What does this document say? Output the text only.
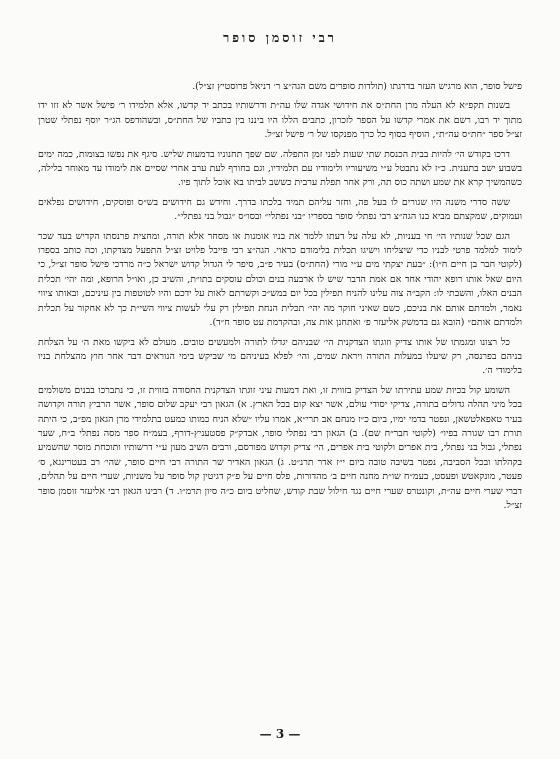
רבי זוסמן סופר

פישל סופר, הוא מרגיש העזר בדרגתו (תולדות סופרים משם הגה״צ ר׳ דניאל פרוסטיץ זצ״ל).

בשנות תקפ״א לא העלה מרן החת״ס את חידושי אגדה שלו עה״ת ודרשותיו בכתב יד קדשו, אלא תלמידו ר׳ פישל אשר לא זזו ידו מתוך יד רבו, רשם את אמרי קדשו על הספר לזכרון, כתבים הללו היו ביננו בין כתביו של החת״ס, ובשהודפס הג״ר יוסף נפתלי שטרן זצ״ל ספר ״חת״ס עה״ת״, הוסיף בסוף כל כרך מפנקסו של ר׳ פישל זצ״ל.

דרכו בקודש הי׳ להיות בבית הכנסת שתי שעות לפני זמן התפלה. שם שפך תחנוניו בדמעות שליש. סיגף את נפשו בצומות, כמה ימים בשבוע ישב בתענית. כ״ז לא נתבטל ע״י משיעוריו ולימודיו עם תלמידיו, וגם בחורף לעת ערב אחרי שסיים את לימודו עד מאוחר בלילה, כשהמשיך קרא את שמע ושתה כוס תה, ורק אחר תפלת ערבית כששב לביתו בא אוכל לתוך פיו.

ששה סדרי משנה היו שגורים לו בעל פה, וחזר עליהם תמיד בלכתו בדרך. וחידש גם חידושים בש״ס ופוסקים, חידושים נפלאים ועמוקים, שמקצתם מביא בנו הגה״צ רבי נפתלי סופר בספריו ״בני נפתלי״ ובסו״ס ״גבול בני נפתלי״.

הגם שכל שנותיו הי׳ חי בעניות, לא עלה על דעתו ללמד את בניו אומנות או מסחר אלא תורה, ומחצית פרנסתו הקדיש בעד שכר לימוד למלמד פרטי לבניו כדי שיצליחו וישיגו תכלית בלימודם כראוי. הגה״צ רבי פייבל פלויט זצ״ל התפעל מצדקתו, וכה כותב בספרו (לקוטי חבר בן חיים ח״ו): ״בעת יצקתי מים ע״י מורי (החת״ס) בעיר פ״ב, סיפר לי הגדול קדוש ישראל כ״ה מרדכי פישל סופר זצ״ל, כי היום שאל אותו רופא יהודי אחד אם אמת הדבר שיש לו ארבעה בנים וכולם עוסקים בתו״ת, והשיב כן, ואו״ל הרופא, ומה יהי׳ תכלית הבנים האלו, והשבתי לו: הקב״ה צוה עלינו להניח תפילין בכל יום במש״כ וקשרתם לאות על ידכם והיו לטוטפות בין עיניכם, ובאותו ציווי נאמר, ולמדתם אותם את בניכם, כשם שאיני חוקר מה יהי׳ תכלית הנחת תפילין רק עלי לעשות ציווי השי״ת כך לא אחקור על תכלית ולמדתם אותם״ (הובא גם בדמשק אליעזר פ׳ ואתחנן אות צה, ובהקדמת עט סופר ח״ד).

כל רצונו ומגמתו של אותו צדיק וזוגתו הצדקנית הי׳ שבניהם יגדלו לתורה ולמעשים טובים. מעולם לא ביקשו מאת ה׳ על הצלחת בניהם בפרנסה, רק שיעלו במעלות התורה ויראת שמים, והי׳ לפלא בעיניהם מי שביקש בימי הנוראים דבר אחר חוץ מהצלחת בניו בלימודי ה׳.

השומע קול בכיות שמע עתירתו של הצדיק בזווית זו, ואת דמעות עיני זוגתו הצדקנית החסודה בזווית זו, כי נתברכו בבנים משולמים בכל מיני תהלה גדולים בתורה, צדיקי יסודי עולם, אשר יצא קום בכל הארץ. א) הגאון רבי יעקב שלום סופר, אשר הרביץ תורה וקדושה בעיר טאפאלטשאן, ונפטר בדמי ימיו, ביום כ״ז מנחם אב תרי״א, אמרו עליו ״שלא הניח כמותו כמעט בתלמידי מרן הגאון מפ״ב, כי היתה תורת רבו שגורה בפיו״ (לקוטי חבר״ח שם). ב) הגאון רבי נפתלי סופר, אבדק״ק פסטעניץ-דורף, בעמ״ח ספר מסה נפתלי ב״ח, שער נפתלי, גבול בני נפתלי, בית אפרים ולקוטי בית אפרים, הי׳ צדיק וקדוש מפורסם, ורבים השיב מעון ע״י דרשותיו ותוכחת מוסר שהשמיע בקהלתו ובכל הסביבה, נפטר בשיבה טובה ביום י״ז אדר תרנ״ט. ג) הגאון האדיר שר התורה רבי חיים סופר, שהי׳ רב בעטרינגא, ס׳ פעטר, מונקאטש ופעסט, בעמ״ח שו״ת מחנה חיים ב׳ מהדורות, פלס חיים על פ״ק דגיטין קול סופר על משניות, שערי חיים על תהלים, דברי שערי חיים עה״ת, וקונטרס שערי חיים נגד חילול שבת קודש, שחליט ביום כ״ה סיון תרמ״ו. ד) רבינו הגאון רבי אליעזר זוסמן סופר זצ״ל.

— 3 —
